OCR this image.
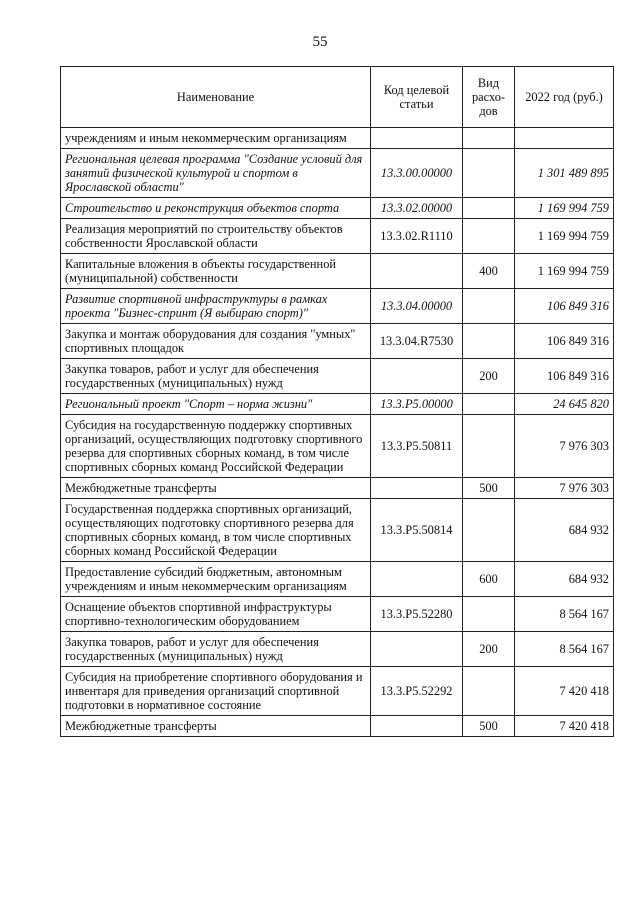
55
Наименование	Код целевой статьи	Вид расхо-дов	2022 год (руб.)
учреждениям и иным некоммерческим организациям			
Региональная целевая программа "Создание условий для занятий физической культурой и спортом в Ярославской области"	13.3.00.00000		1 301 489 895
Строительство и реконструкция объектов спорта	13.3.02.00000		1 169 994 759
Реализация мероприятий по строительству объектов собственности Ярославской области	13.3.02.R1110		1 169 994 759
Капитальные вложения в объекты государственной (муниципальной) собственности		400	1 169 994 759
Развитие спортивной инфраструктуры в рамках проекта "Бизнес-спринт (Я выбираю спорт)"	13.3.04.00000		106 849 316
Закупка и монтаж оборудования для создания "умных" спортивных площадок	13.3.04.R7530		106 849 316
Закупка товаров, работ и услуг для обеспечения государственных (муниципальных) нужд		200	106 849 316
Региональный проект "Спорт – норма жизни"	13.3.P5.00000		24 645 820
Субсидия на государственную поддержку спортивных организаций, осуществляющих подготовку спортивного резерва для спортивных сборных команд, в том числе спортивных сборных команд Российской Федерации	13.3.P5.50811		7 976 303
Межбюджетные трансферты		500	7 976 303
Государственная поддержка спортивных организаций, осуществляющих подготовку спортивного резерва для спортивных сборных команд, в том числе спортивных сборных команд Российской Федерации	13.3.P5.50814		684 932
Предоставление субсидий бюджетным, автономным учреждениям и иным некоммерческим организациям		600	684 932
Оснащение объектов спортивной инфраструктуры спортивно-технологическим оборудованием	13.3.P5.52280		8 564 167
Закупка товаров, работ и услуг для обеспечения государственных (муниципальных) нужд		200	8 564 167
Субсидия на приобретение спортивного оборудования и инвентаря для приведения организаций спортивной подготовки в нормативное состояние	13.3.P5.52292		7 420 418
Межбюджетные трансферты		500	7 420 418
